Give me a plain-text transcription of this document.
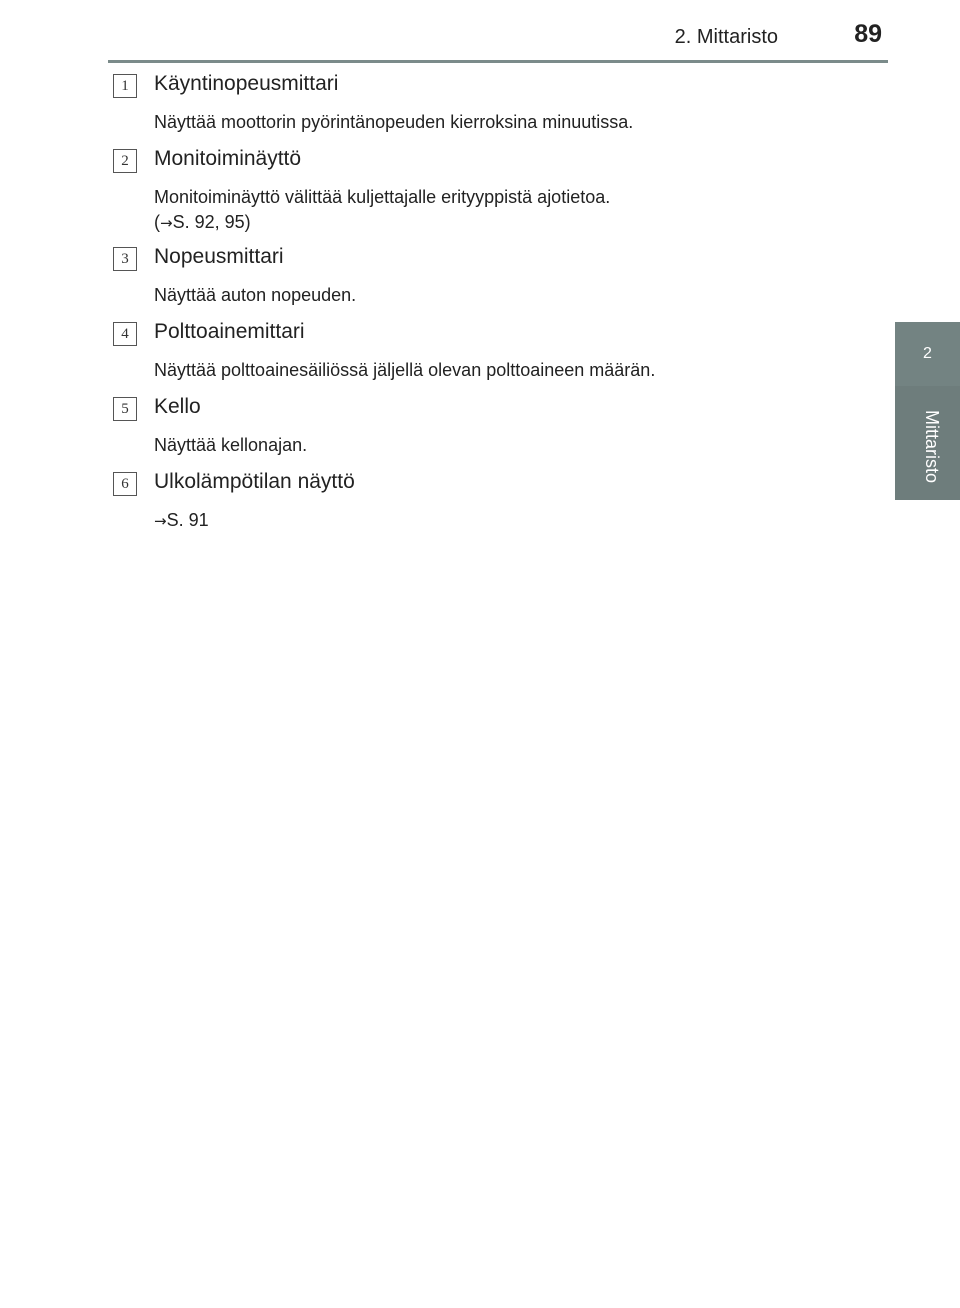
2. Mittaristo	89
2
Mittaristo
1	Käyntinopeusmittari
Näyttää moottorin pyörintänopeuden kierroksina minuutissa.
2	Monitoiminäyttö
Monitoiminäyttö välittää kuljettajalle erityyppistä ajotietoa.
(→S. 92, 95)
3	Nopeusmittari
Näyttää auton nopeuden.
4	Polttoainemittari
Näyttää polttoainesäiliössä jäljellä olevan polttoaineen määrän.
5	Kello
Näyttää kellonajan.
6	Ulkolämpötilan näyttö
→S. 91
